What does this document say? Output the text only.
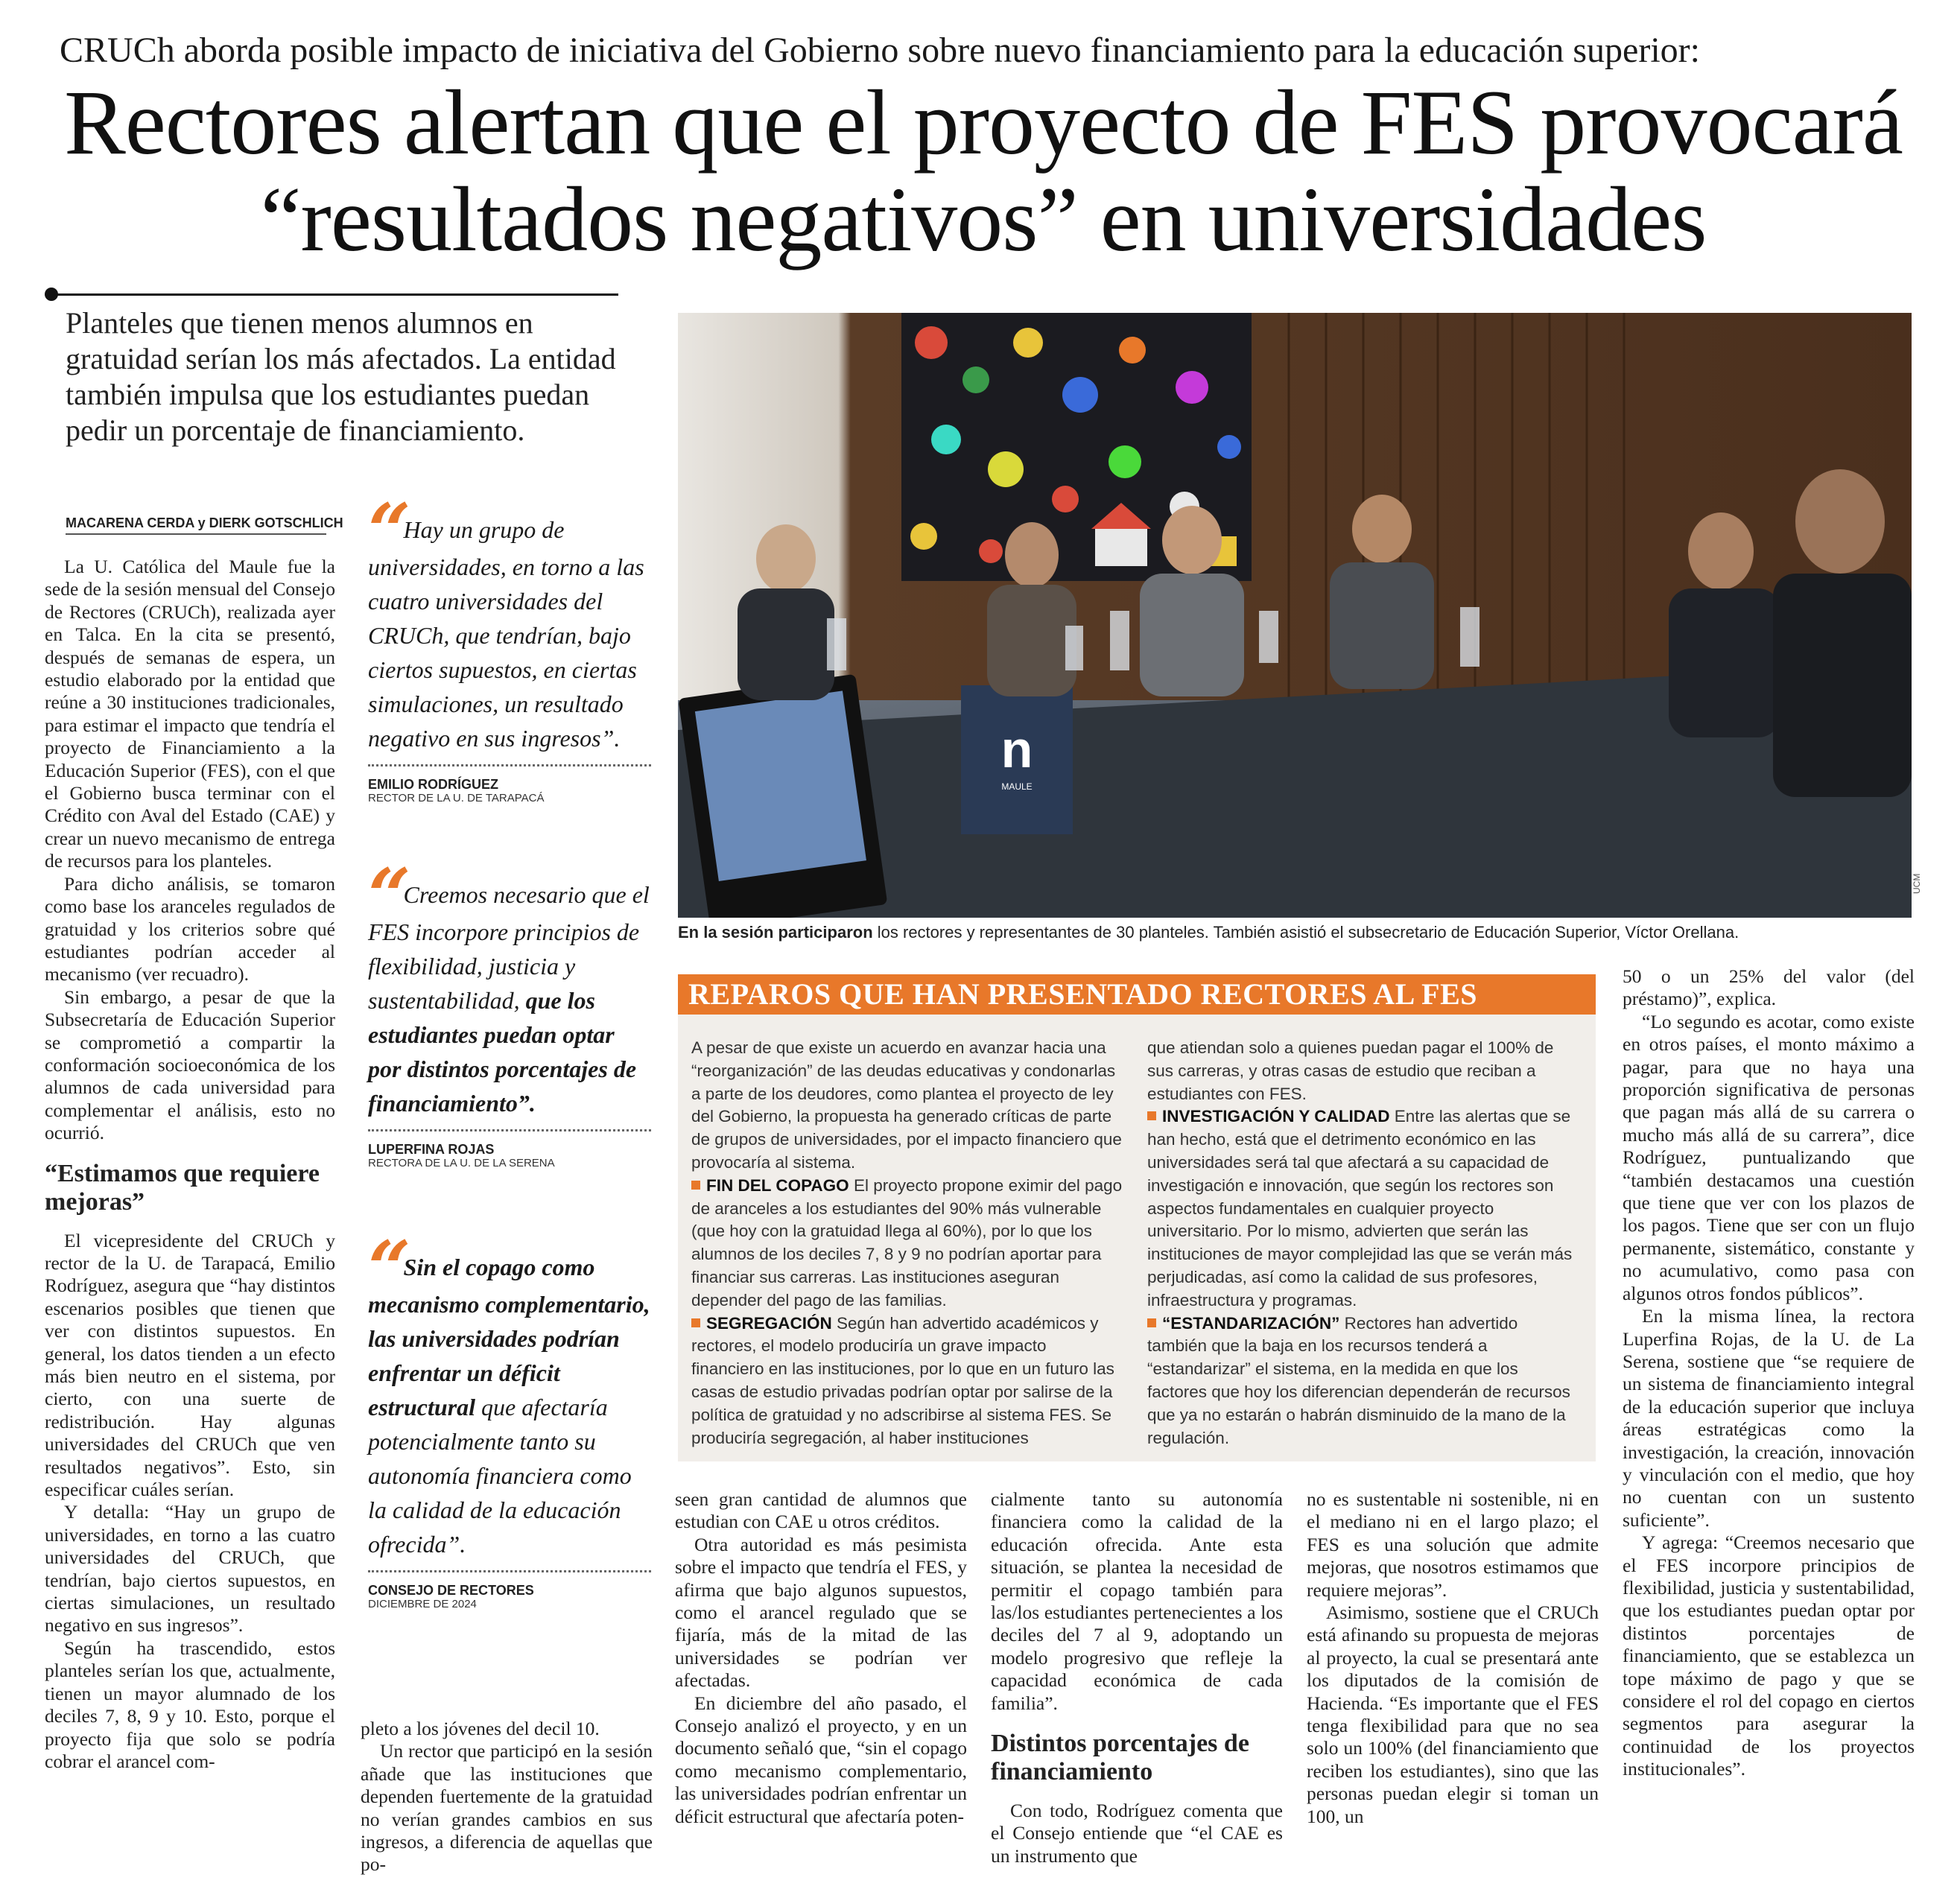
CRUCh aborda posible impacto de iniciativa del Gobierno sobre nuevo financiamiento para la educación superior:
Rectores alertan que el proyecto de FES provocará
“resultados negativos” en universidades
Planteles que tienen menos alumnos en gratuidad serían los más afectados. La entidad también impulsa que los estudiantes puedan pedir un porcentaje de financiamiento.
MACARENA CERDA y DIERK GOTSCHLICH

La U. Católica del Maule fue la sede de la sesión mensual del Consejo de Rectores (CRUCh), realizada ayer en Talca. En la cita se presentó, después de semanas de espera, un estudio elaborado por la entidad que reúne a 30 instituciones tradicionales, para estimar el impacto que tendría el proyecto de Financiamiento a la Educación Superior (FES), con el que el Gobierno busca terminar con el Crédito con Aval del Estado (CAE) y crear un nuevo mecanismo de entrega de recursos para los planteles.

Para dicho análisis, se tomaron como base los aranceles regulados de gratuidad y los criterios sobre qué estudiantes podrían acceder al mecanismo (ver recuadro).

Sin embargo, a pesar de que la Subsecretaría de Educación Superior se comprometió a compartir la conformación socioeconómica de los alumnos de cada universidad para complementar el análisis, esto no ocurrió.

“Estimamos que requiere mejoras”

El vicepresidente del CRUCh y rector de la U. de Tarapacá, Emilio Rodríguez, asegura que “hay distintos escenarios posibles que tienen que ver con distintos supuestos. En general, los datos tienden a un efecto más bien neutro en el sistema, por cierto, con una suerte de redistribución. Hay algunas universidades del CRUCh que ven resultados negativos”. Esto, sin especificar cuáles serían.

Y detalla: “Hay un grupo de universidades, en torno a las cuatro universidades del CRUCh, que tendrían, bajo ciertos supuestos, en ciertas simulaciones, un resultado negativo en sus ingresos”.

Según ha trascendido, estos planteles serían los que, actualmente, tienen un mayor alumnado de los deciles 7, 8, 9 y 10. Esto, porque el proyecto fija que solo se podría cobrar el arancel com-

“ Hay un grupo de universidades, en torno a las cuatro universidades del CRUCh, que tendrían, bajo ciertos supuestos, en ciertas simulaciones, un resultado negativo en sus ingresos”.
EMILIO RODRÍGUEZ
RECTOR DE LA U. DE TARAPACÁ
“ Creemos necesario que el FES incorpore principios de flexibilidad, justicia y sustentabilidad, que los estudiantes puedan optar por distintos porcentajes de financiamiento”.
LUPERFINA ROJAS
RECTORA DE LA U. DE LA SERENA
“ Sin el copago como mecanismo complementario, las universidades podrían enfrentar un déficit estructural que afectaría potencialmente tanto su autonomía financiera como la calidad de la educación ofrecida”.
CONSEJO DE RECTORES
DICIEMBRE DE 2024

pleto a los jóvenes del decil 10.

Un rector que participó en la sesión añade que las instituciones que dependen fuertemente de la gratuidad no verían grandes cambios en sus ingresos, a diferencia de aquellas que po-

n
MAULE
En la sesión participaron los rectores y representantes de 30 planteles. También asistió el subsecretario de Educación Superior, Víctor Orellana.
UCM
REPAROS QUE HAN PRESENTADO RECTORES AL FES

A pesar de que existe un acuerdo en avanzar hacia una “reorganización” de las deudas educativas y condonarlas a parte de los deudores, como plantea el proyecto de ley del Gobierno, la propuesta ha generado críticas de parte de grupos de universidades, por el impacto financiero que provocaría al sistema.

FIN DEL COPAGO El proyecto propone eximir del pago de aranceles a los estudiantes del 90% más vulnerable (que hoy con la gratuidad llega al 60%), por lo que los alumnos de los deciles 7, 8 y 9 no podrían aportar para financiar sus carreras. Las instituciones aseguran depender del pago de las familias.

SEGREGACIÓN Según han advertido académicos y rectores, el modelo produciría un grave impacto financiero en las instituciones, por lo que en un futuro las casas de estudio privadas podrían optar por salirse de la política de gratuidad y no adscribirse al sistema FES. Se produciría segregación, al haber instituciones

que atiendan solo a quienes puedan pagar el 100% de sus carreras, y otras casas de estudio que reciban a estudiantes con FES.

INVESTIGACIÓN Y CALIDAD Entre las alertas que se han hecho, está que el detrimento económico en las universidades será tal que afectará a su capacidad de investigación e innovación, que según los rectores son aspectos fundamentales en cualquier proyecto universitario. Por lo mismo, advierten que serán las instituciones de mayor complejidad las que se verán más perjudicadas, así como la calidad de sus profesores, infraestructura y programas.

“ESTANDARIZACIÓN” Rectores han advertido también que la baja en los recursos tenderá a “estandarizar” el sistema, en la medida en que los factores que hoy los diferencian dependerán de recursos que ya no estarán o habrán disminuido de la mano de la regulación.

seen gran cantidad de alumnos que estudian con CAE u otros créditos.

Otra autoridad es más pesimista sobre el impacto que tendría el FES, y afirma que bajo algunos supuestos, como el arancel regulado que se fijaría, más de la mitad de las universidades se podrían ver afectadas.

En diciembre del año pasado, el Consejo analizó el proyecto, y en un documento señaló que, “sin el copago como mecanismo complementario, las universidades podrían enfrentar un déficit estructural que afectaría poten-

cialmente tanto su autonomía financiera como la calidad de la educación ofrecida. Ante esta situación, se plantea la necesidad de permitir el copago también para las/los estudiantes pertenecientes a los deciles del 7 al 9, adoptando un modelo progresivo que refleje la capacidad económica de cada familia”.

Distintos porcentajes de financiamiento

Con todo, Rodríguez comenta que el Consejo entiende que “el CAE es un instrumento que

no es sustentable ni sostenible, ni en el mediano ni en el largo plazo; el FES es una solución que admite mejoras, que nosotros estimamos que requiere mejoras”.

Asimismo, sostiene que el CRUCh está afinando su propuesta de mejoras al proyecto, la cual se presentará ante los diputados de la comisión de Hacienda. “Es importante que el FES tenga flexibilidad para que no sea solo un 100% (del financiamiento que reciben los estudiantes), sino que las personas puedan elegir si toman un 100, un

50 o un 25% del valor (del préstamo)”, explica.

“Lo segundo es acotar, como existe en otros países, el monto máximo a pagar, para que no haya una proporción significativa de personas que pagan más allá de su carrera o mucho más allá de su carrera”, dice Rodríguez, puntualizando que “también destacamos una cuestión que tiene que ver con los plazos de los pagos. Tiene que ser con un flujo permanente, sistemático, constante y no acumulativo, como pasa con algunos otros fondos públicos”.

En la misma línea, la rectora Luperfina Rojas, de la U. de La Serena, sostiene que “se requiere de un sistema de financiamiento integral de la educación superior que incluya áreas estratégicas como la investigación, la creación, innovación y vinculación con el medio, que hoy no cuentan con un sustento suficiente”.

Y agrega: “Creemos necesario que el FES incorpore principios de flexibilidad, justicia y sustentabilidad, que los estudiantes puedan optar por distintos porcentajes de financiamiento, que se establezca un tope máximo de pago y que se considere el rol del copago en ciertos segmentos para asegurar la continuidad de los proyectos institucionales”.
